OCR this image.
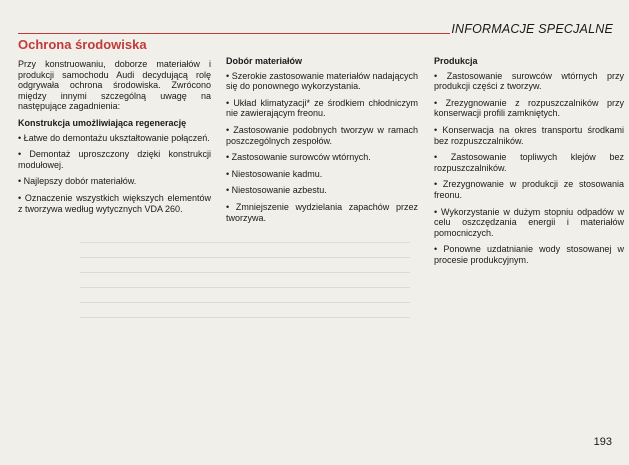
INFORMACJE SPECJALNE
Ochrona środowiska

Przy konstruowaniu, doborze materiałów i produkcji samochodu Audi decydującą rolę odgrywała ochrona środowiska. Zwrócono między innymi szczególną uwagę na następujące zagadnienia:

Konstrukcja umożliwiająca regenerację
• Łatwe do demontażu ukształtowanie połączeń.
• Demontaż uproszczony dzięki konstrukcji modułowej.
• Najlepszy dobór materiałów.
• Oznaczenie wszystkich większych elementów z tworzywa według wytycznych VDA 260.
Dobór materiałów
• Szerokie zastosowanie materiałów nadających się do ponownego wykorzystania.
• Układ klimatyzacji* ze środkiem chłodniczym nie zawierającym freonu.
• Zastosowanie podobnych tworzyw w ramach poszczególnych zespołów.
• Zastosowanie surowców wtórnych.
• Niestosowanie kadmu.
• Niestosowanie azbestu.
• Zmniejszenie wydzielania zapachów przez tworzywa.
Produkcja
• Zastosowanie surowców wtórnych przy produkcji części z tworzyw.
• Zrezygnowanie z rozpuszczalników przy konserwacji profili zamkniętych.
• Konserwacja na okres transportu środkami bez rozpuszczalników.
• Zastosowanie topliwych klejów bez rozpuszczalników.
• Zrezygnowanie w produkcji ze stosowania freonu.
• Wykorzystanie w dużym stopniu odpadów w celu oszczędzania energii i materiałów pomocniczych.
• Ponowne uzdatnianie wody stosowanej w procesie produkcyjnym.
193
